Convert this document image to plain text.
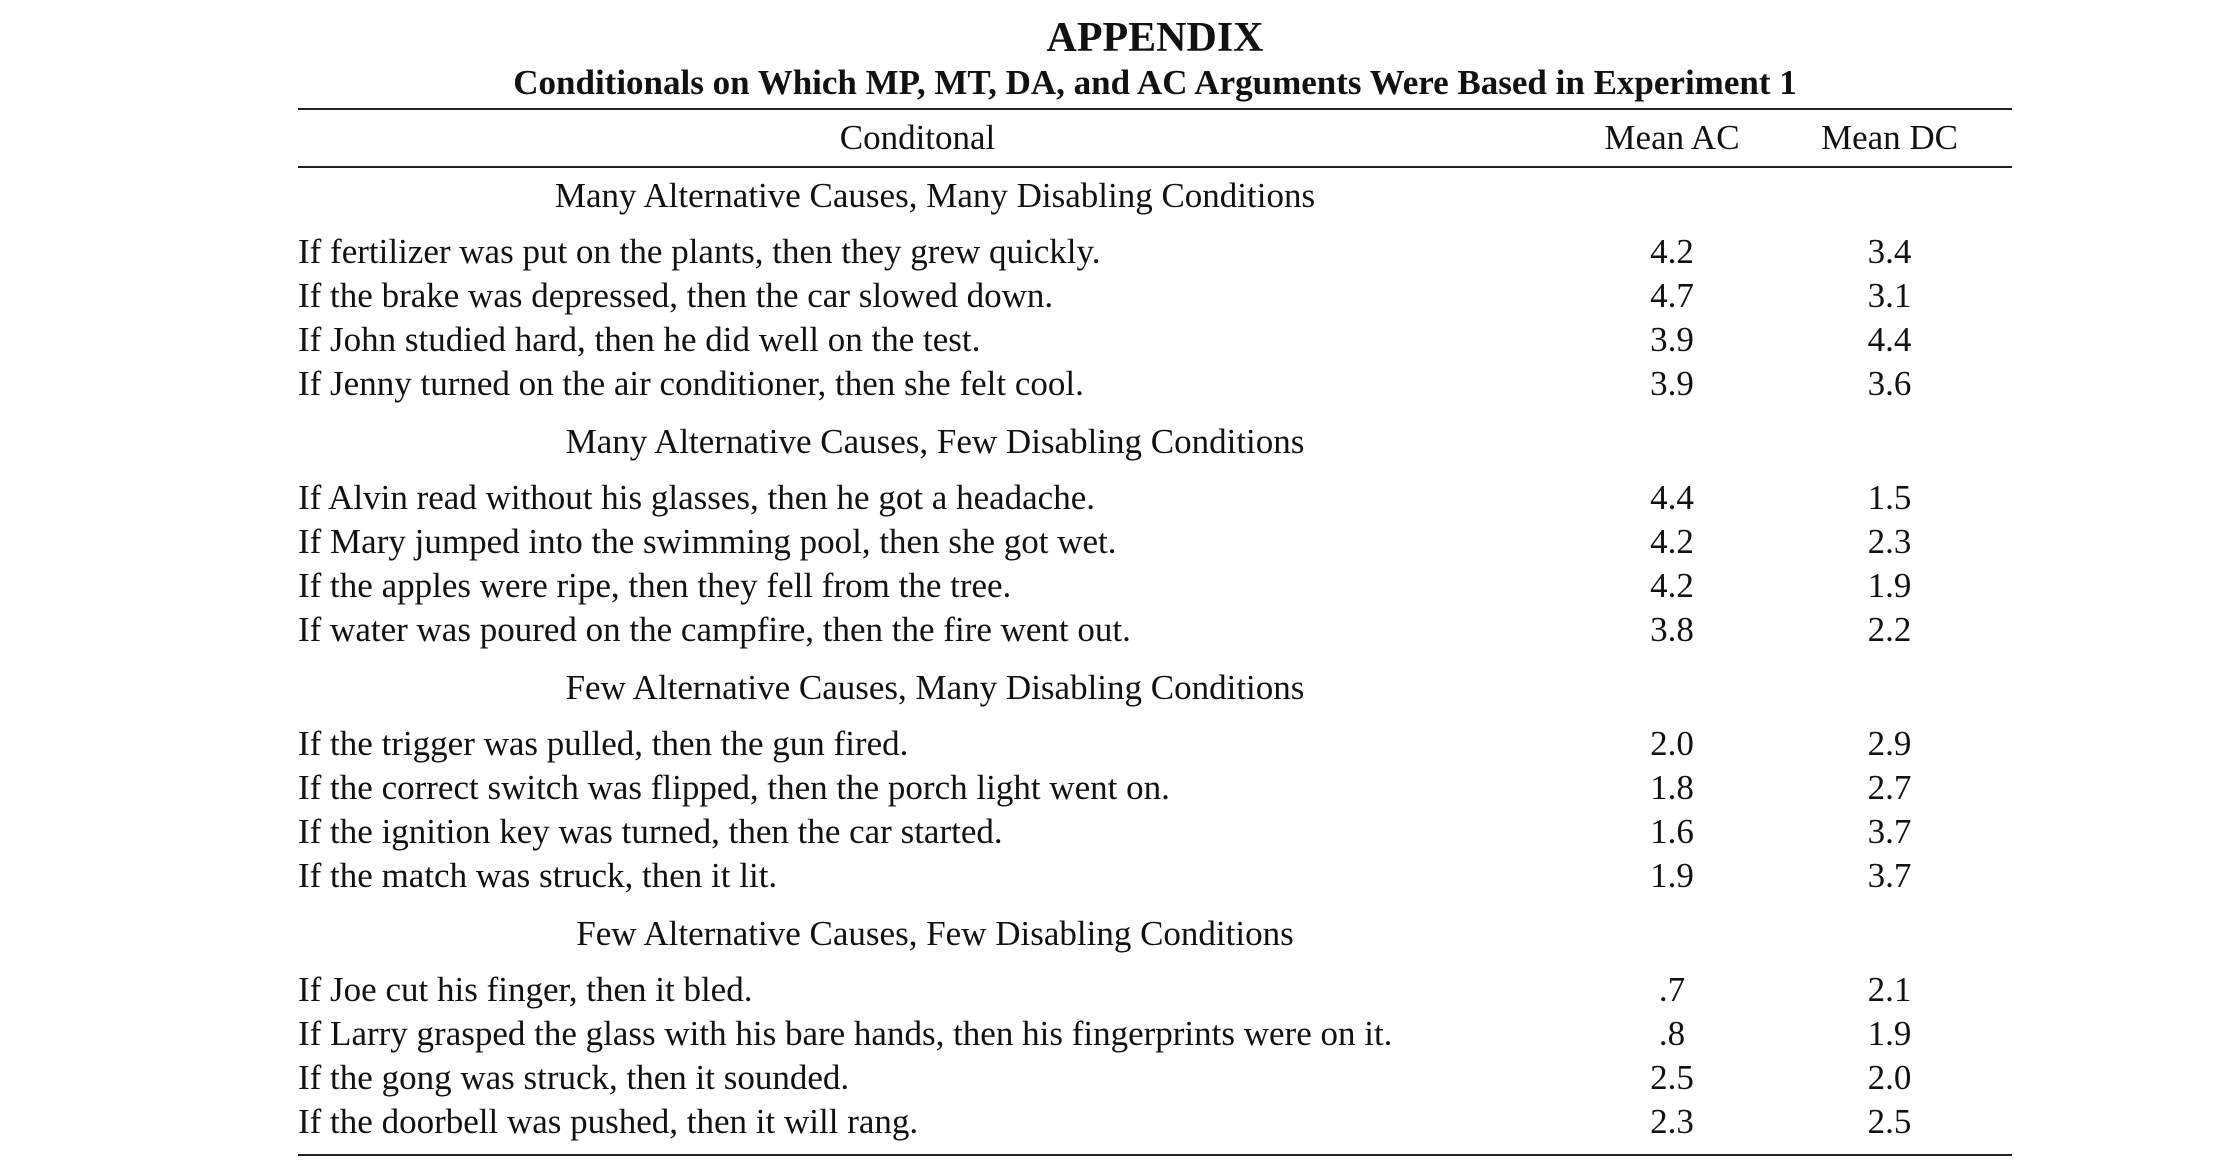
APPENDIX
Conditionals on Which MP, MT, DA, and AC Arguments Were Based in Experiment 1
Conditonal	Mean AC	Mean DC
Many Alternative Causes, Many Disabling Conditions
If fertilizer was put on the plants, then they grew quickly.	4.2	3.4
If the brake was depressed, then the car slowed down.	4.7	3.1
If John studied hard, then he did well on the test.	3.9	4.4
If Jenny turned on the air conditioner, then she felt cool.	3.9	3.6
Many Alternative Causes, Few Disabling Conditions
If Alvin read without his glasses, then he got a headache.	4.4	1.5
If Mary jumped into the swimming pool, then she got wet.	4.2	2.3
If the apples were ripe, then they fell from the tree.	4.2	1.9
If water was poured on the campfire, then the fire went out.	3.8	2.2
Few Alternative Causes, Many Disabling Conditions
If the trigger was pulled, then the gun fired.	2.0	2.9
If the correct switch was flipped, then the porch light went on.	1.8	2.7
If the ignition key was turned, then the car started.	1.6	3.7
If the match was struck, then it lit.	1.9	3.7
Few Alternative Causes, Few Disabling Conditions
If Joe cut his finger, then it bled.	.7	2.1
If Larry grasped the glass with his bare hands, then his fingerprints were on it.	.8	1.9
If the gong was struck, then it sounded.	2.5	2.0
If the doorbell was pushed, then it will rang.	2.3	2.5
